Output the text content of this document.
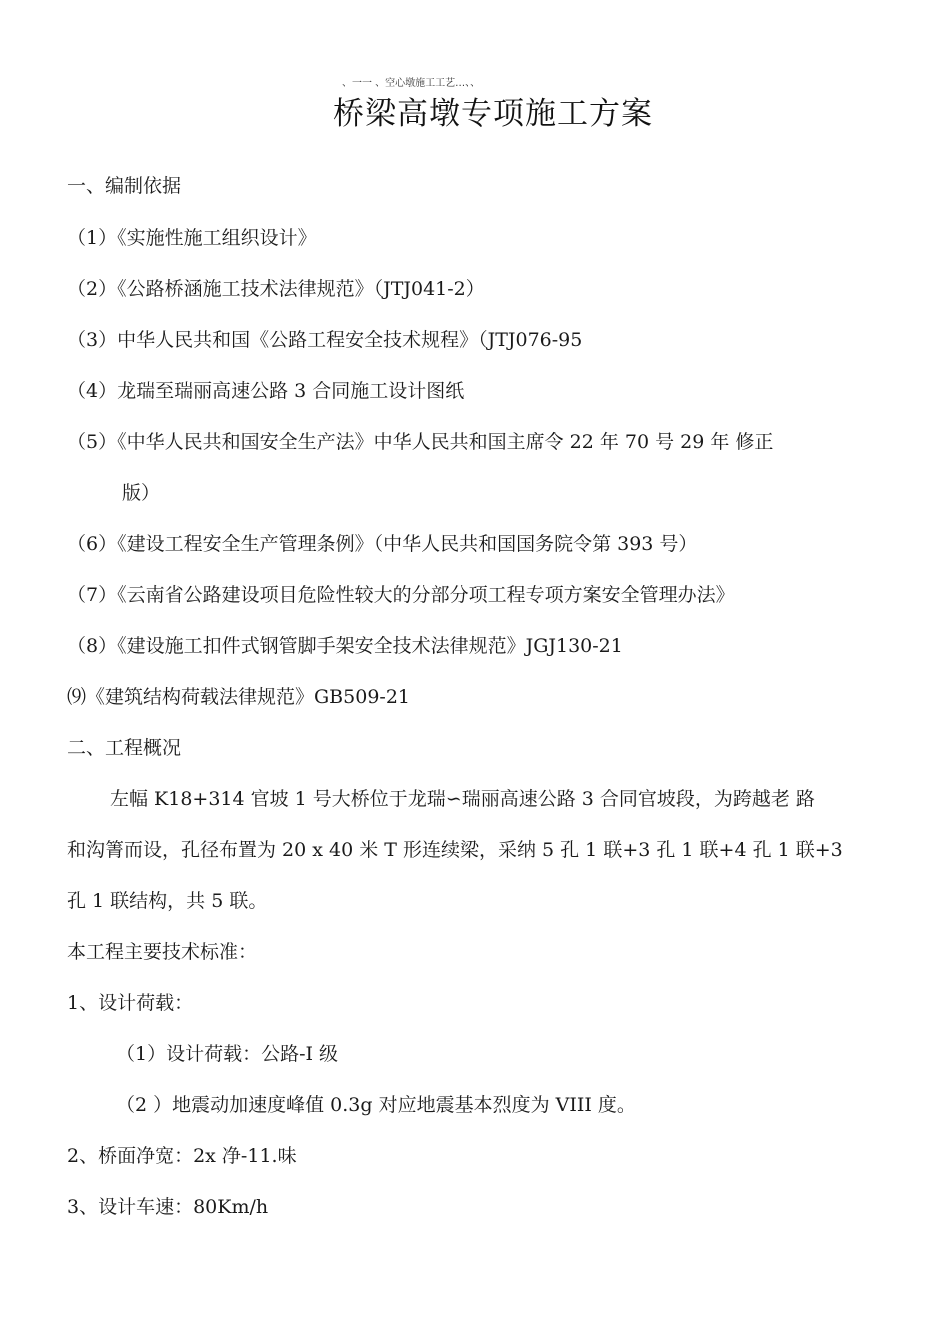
、一一 、空心墩施工工艺…、、
桥梁高墩专项施工方案
一、编制依据
（1）《实施性施工组织设计》
（2）《公路桥涵施工技术法律规范》（JTJ041-2）
（3）中华人民共和国《公路工程安全技术规程》（JTJ076-95
（4）龙瑞至瑞丽高速公路 3 合同施工设计图纸
（5）《中华人民共和国安全生产法》中华人民共和国主席令 22 年 70 号 29 年 修正
版）
（6）《建设工程安全生产管理条例》（中华人民共和国国务院令第 393 号）
（7）《云南省公路建设项目危险性较大的分部分项工程专项方案安全管理办法》
（8）《建设施工扣件式钢管脚手架安全技术法律规范》JGJ130-21
⑼《建筑结构荷载法律规范》GB509-21
二、工程概况
左幅 K18+314 官坡 1 号大桥位于龙瑞∽瑞丽高速公路 3 合同官坡段，为跨越老 路
和沟箐而设，孔径布置为 20 x 40 米 T 形连续梁，采纳 5 孔 1 联+3 孔 1 联+4 孔 1 联+3
孔 1 联结构，共 5 联。
本工程主要技术标准：
1、设计荷载：
（1）设计荷载：公路-I 级
（2 ）地震动加速度峰值 0.3g 对应地震基本烈度为 VIII 度。
2、桥面净宽：2x 净-11.味
3、设计车速：80Km/h
